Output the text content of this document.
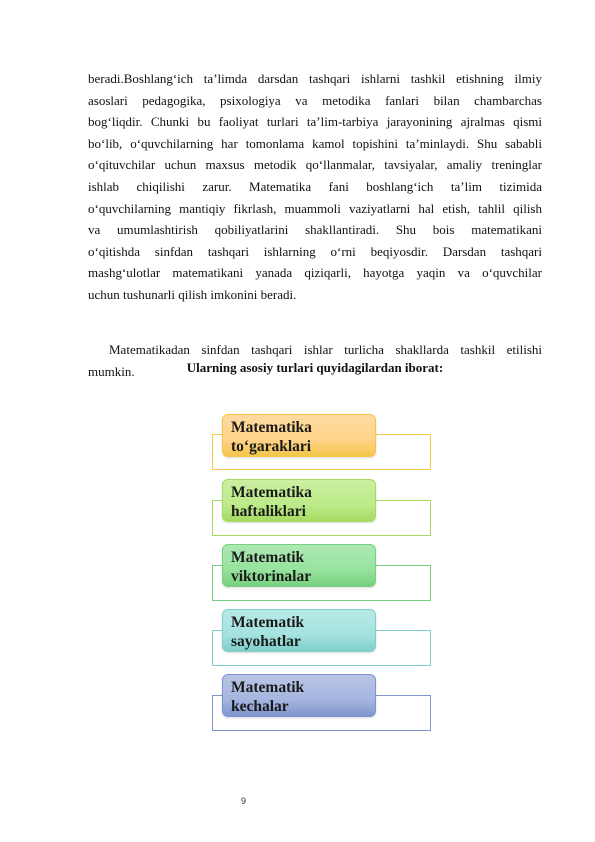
beradi.Boshlang‘ich ta’limda darsdan tashqari ishlarni tashkil etishning ilmiy
asoslari pedagogika, psixologiya va metodika fanlari bilan chambarchas
bog‘liqdir. Chunki bu faoliyat turlari ta’lim-tarbiya jarayonining ajralmas qismi
bo‘lib, o‘quvchilarning har tomonlama kamol topishini ta’minlaydi. Shu sababli
o‘qituvchilar uchun maxsus metodik qo‘llanmalar, tavsiyalar, amaliy treninglar
ishlab chiqilishi zarur. Matematika fani boshlang‘ich ta’lim tizimida
o‘quvchilarning mantiqiy fikrlash, muammoli vaziyatlarni hal etish, tahlil qilish
va umumlashtirish qobiliyatlarini shakllantiradi. Shu bois matematikani
o‘qitishda sinfdan tashqari ishlarning o‘rni beqiyosdir. Darsdan tashqari
mashg‘ulotlar matematikani yanada qiziqarli, hayotga yaqin va o‘quvchilar
uchun tushunarli qilish imkonini beradi.
Matematikadan sinfdan tashqari ishlar turlicha shakllarda tashkil etilishi
mumkin.	Ularning asosiy turlari quyidagilardan iborat:

Matematika
to‘garaklari
Matematika
haftaliklari
Matematik
viktorinalar
Matematik
sayohatlar
Matematik
kechalar
9
